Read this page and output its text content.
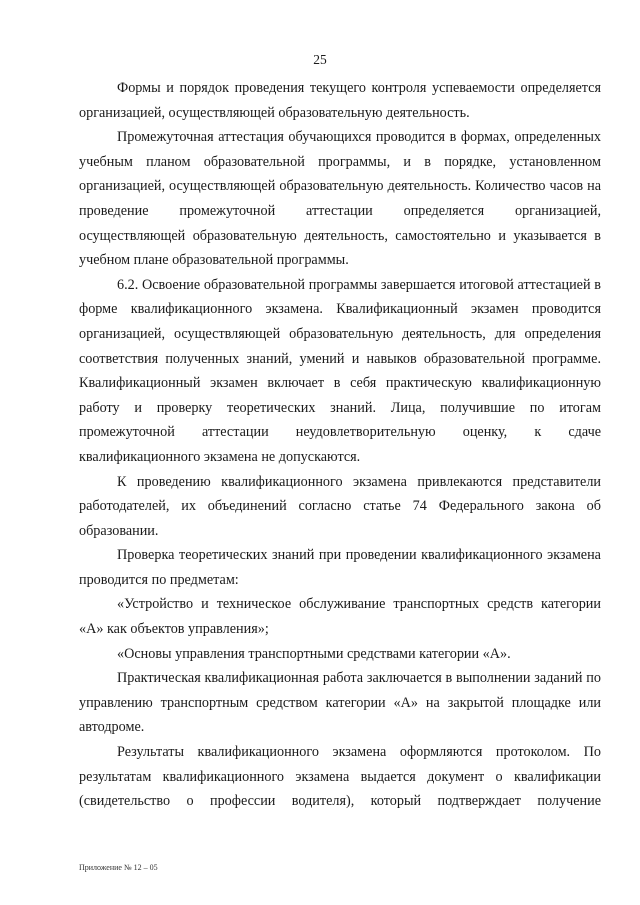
25

Формы и порядок проведения текущего контроля успеваемости определяется организацией, осуществляющей образовательную деятельность.

Промежуточная аттестация обучающихся проводится в формах, определенных учебным планом образовательной программы, и в порядке, установленном организацией, осуществляющей образовательную деятельность. Количество часов на проведение промежуточной аттестации определяется организацией, осуществляющей образовательную деятельность, самостоятельно и указывается в учебном плане образовательной программы.

6.2. Освоение образовательной программы завершается итоговой аттестацией в форме квалификационного экзамена. Квалификационный экзамен проводится организацией, осуществляющей образовательную деятельность, для определения соответствия полученных знаний, умений и навыков образовательной программе. Квалификационный экзамен включает в себя практическую квалификационную работу и проверку теоретических знаний. Лица, получившие по итогам промежуточной аттестации неудовлетворительную оценку, к сдаче квалификационного экзамена не допускаются.

К проведению квалификационного экзамена привлекаются представители работодателей, их объединений согласно статье 74 Федерального закона об образовании.

Проверка теоретических знаний при проведении квалификационного экзамена проводится по предметам:

«Устройство и техническое обслуживание транспортных средств категории «А» как объектов управления»;

«Основы управления транспортными средствами категории «А».

Практическая квалификационная работа заключается в выполнении заданий по управлению транспортным средством категории «А» на закрытой площадке или автодроме.

Результаты квалификационного экзамена оформляются протоколом. По результатам квалификационного экзамена выдается документ о квалификации (свидетельство о профессии водителя), который подтверждает получение

Приложение № 12 – 05
